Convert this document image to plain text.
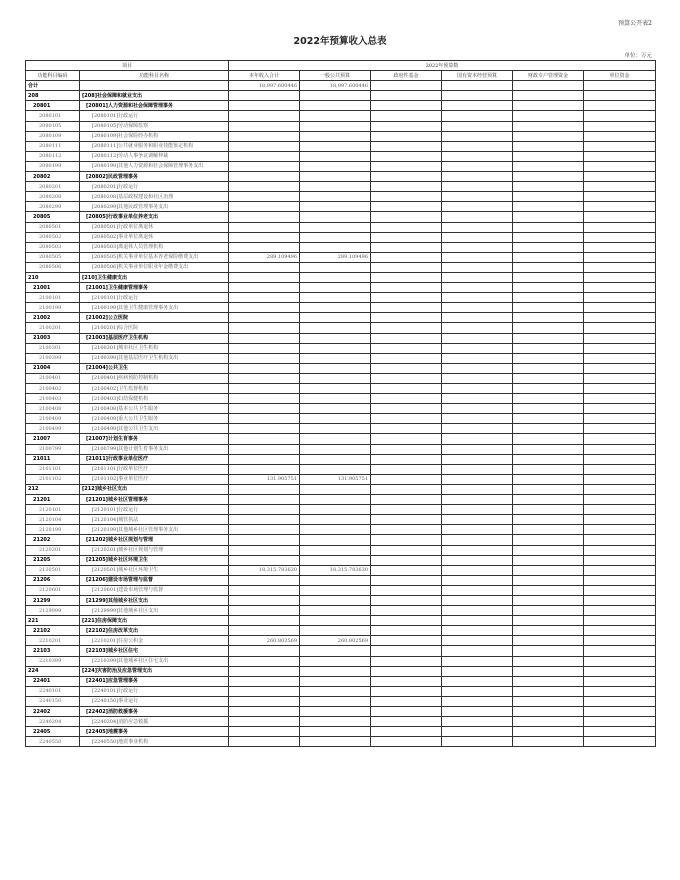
预算公开表2
2022年预算收入总表
单位：万元
项目		2022年预算数					
功能科目编码	功能科目名称	本年收入合计	一般公共预算	政府性基金	国有资本经营预算	财政专户管理资金	单位资金
合计		18,997.600446	18,997.600446				
208	[208]社会保障和就业支出						
20801	[20801]人力资源和社会保障管理事务						
2080101	[2080101]行政运行						
2080105	[2080105]劳动保障监察						
2080109	[2080109]社会保险经办机构						
2080111	[2080111]公共就业服务和职业技能鉴定机构						
2080112	[2080112]劳动人事争议调解仲裁						
2080199	[2080199]其他人力资源和社会保障管理事务支出						
20802	[20802]民政管理事务						
2080201	[2080201]行政运行						
2080208	[2080208]基层政权建设和社区治理						
2080299	[2080299]其他民政管理事务支出						
20805	[20805]行政事业单位养老支出						
2080501	[2080501]行政单位离退休						
2080502	[2080502]事业单位离退休						
2080503	[2080503]离退休人员管理机构						
2080505	[2080505]机关事业单位基本养老保险缴费支出	289.109496	289.109496				
2080506	[2080506]机关事业单位职业年金缴费支出						
210	[210]卫生健康支出						
21001	[21001]卫生健康管理事务						
2100101	[2100101]行政运行						
2100199	[2100199]其他卫生健康管理事务支出						
21002	[21002]公立医院						
2100201	[2100201]综合医院						
21003	[21003]基层医疗卫生机构						
2100301	[2100301]城市社区卫生机构						
2100399	[2100399]其他基层医疗卫生机构支出						
21004	[21004]公共卫生						
2100401	[2100401]疾病预防控制机构						
2100402	[2100402]卫生监督机构						
2100403	[2100403]妇幼保健机构						
2100408	[2100408]基本公共卫生服务						
2100409	[2100409]重大公共卫生服务						
2100499	[2100499]其他公共卫生支出						
21007	[21007]计划生育事务						
2100799	[2100799]其他计划生育事务支出						
21011	[21011]行政事业单位医疗						
2101101	[2101101]行政单位医疗						
2101102	[2101102]事业单位医疗	131.905751	131.905751				
212	[212]城乡社区支出						
21201	[21201]城乡社区管理事务						
2120101	[2120101]行政运行						
2120104	[2120104]城管执法						
2120199	[2120199]其他城乡社区管理事务支出						
21202	[21202]城乡社区规划与管理						
2120201	[2120201]城乡社区规划与管理						
21205	[21205]城乡社区环境卫生						
2120501	[2120501]城乡社区环境卫生	18,315.783630	18,315.783630				
21206	[21206]建设市场管理与监督						
2120601	[2120601]建设市场管理与监督						
21299	[21299]其他城乡社区支出						
2129999	[2129999]其他城乡社区支出						
221	[221]住房保障支出						
22102	[22102]住房改革支出						
2210201	[2210201]住房公积金	260.802569	260.802569				
22103	[22103]城乡社区住宅						
2210399	[2210399]其他城乡社区住宅支出						
224	[224]灾害防治及应急管理支出						
22401	[22401]应急管理事务						
2240101	[2240101]行政运行						
2240150	[2240150]事业运行						
22402	[22402]消防救援事务						
2240204	[2240204]消防应急救援						
22405	[22405]地震事务						
2240550	[2240550]地震事业机构						
